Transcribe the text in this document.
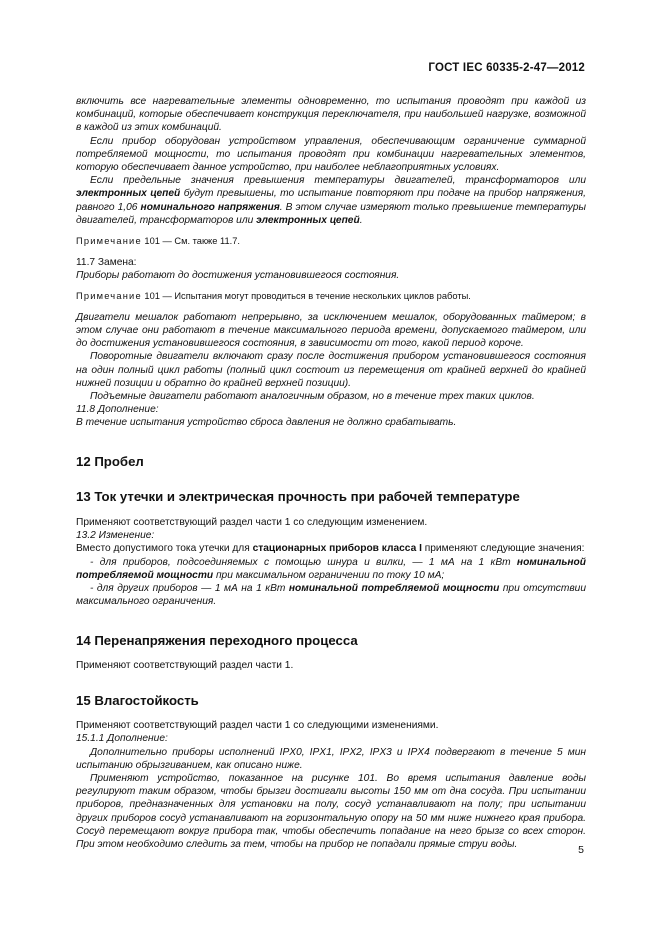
ГОСТ IEC 60335-2-47—2012

включить все нагревательные элементы одновременно, то испытания проводят при каждой из комбинаций, которые обеспечивает конструкция переключателя, при наибольшей нагрузке, возможной в каждой из этих комбинаций.

Если прибор оборудован устройством управления, обеспечивающим ограничение суммарной потребляемой мощности, то испытания проводят при комбинации нагревательных элементов, которую обеспечивает данное устройство, при наиболее неблагоприятных условиях.

Если предельные значения превышения температуры двигателей, трансформаторов или электронных цепей будут превышены, то испытание повторяют при подаче на прибор напряжения, равного 1,06 номинального напряжения. В этом случае измеряют только превышение температуры двигателей, трансформаторов или электронных цепей.

Примечание 101 — См. также 11.7.

11.7 Замена:

Приборы работают до достижения установившегося состояния.

Примечание 101 — Испытания могут проводиться в течение нескольких циклов работы.

Двигатели мешалок работают непрерывно, за исключением мешалок, оборудованных таймером; в этом случае они работают в течение максимального периода времени, допускаемого таймером, или до достижения установившегося состояния, в зависимости от того, какой период короче.

Поворотные двигатели включают сразу после достижения прибором установившегося состояния на один полный цикл работы (полный цикл состоит из перемещения от крайней верхней до крайней нижней позиции и обратно до крайней верхней позиции).

Подъемные двигатели работают аналогичным образом, но в течение трех таких циклов.

11.8 Дополнение:

В течение испытания устройство сброса давления не должно срабатывать.

12 Пробел

13 Ток утечки и электрическая прочность при рабочей температуре

Применяют соответствующий раздел части 1 со следующим изменением.

13.2 Изменение:

Вместо допустимого тока утечки для стационарных приборов класса I применяют следующие значения:

- для приборов, подсоединяемых с помощью шнура и вилки, — 1 мА на 1 кВт номинальной потребляемой мощности при максимальном ограничении по току 10 мА;

- для других приборов — 1 мА на 1 кВт номинальной потребляемой мощности при отсутствии максимального ограничения.

14 Перенапряжения переходного процесса

Применяют соответствующий раздел части 1.

15 Влагостойкость

Применяют соответствующий раздел части 1 со следующими изменениями.

15.1.1 Дополнение:

Дополнительно приборы исполнений IPX0, IPX1, IPX2, IPX3 и IPX4 подвергают в течение 5 мин испытанию обрызгиванием, как описано ниже.

Применяют устройство, показанное на рисунке 101. Во время испытания давление воды регулируют таким образом, чтобы брызги достигали высоты 150 мм от дна сосуда. При испытании приборов, предназначенных для установки на полу, сосуд устанавливают на полу; при испытании других приборов сосуд устанавливают на горизонтальную опору на 50 мм ниже нижнего края прибора. Сосуд перемещают вокруг прибора так, чтобы обеспечить попадание на него брызг со всех сторон. При этом необходимо следить за тем, чтобы на прибор не попадали прямые струи воды.	5
